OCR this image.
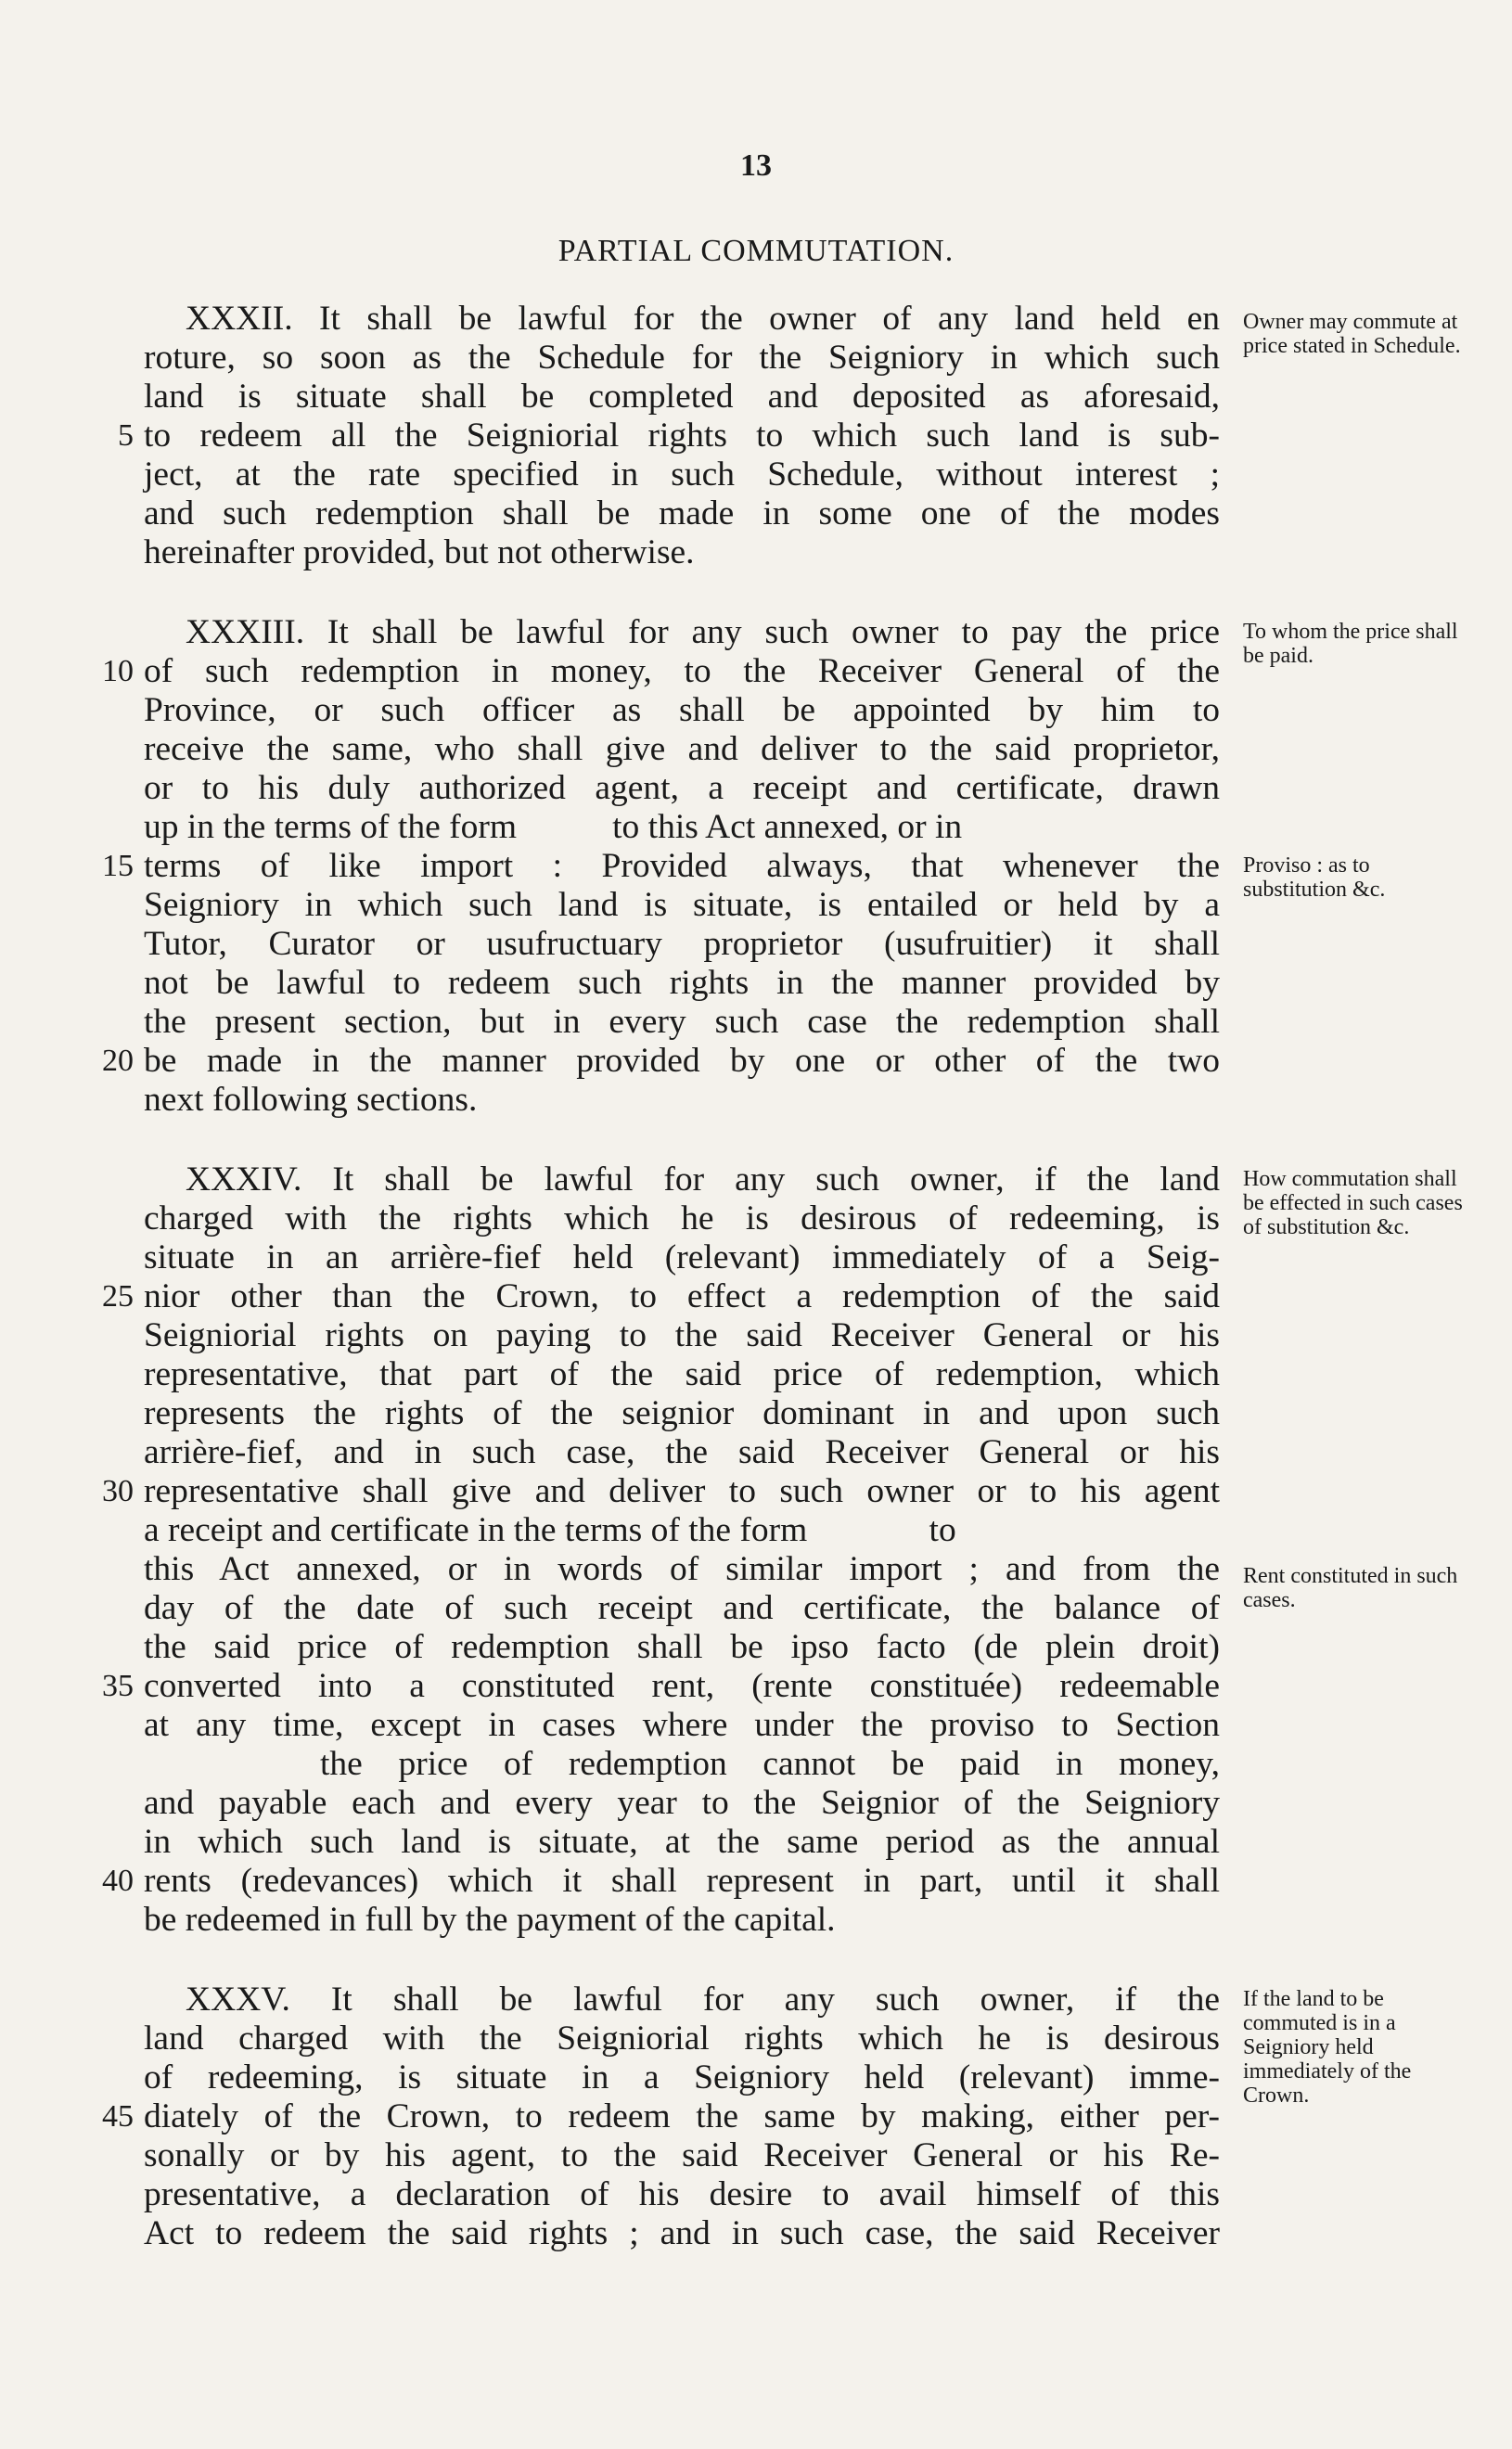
13
PARTIAL COMMUTATION.
XXXII. It shall be lawful for the owner of any land held en
roture, so soon as the Schedule for the Seigniory in which such
land is situate shall be completed and deposited as aforesaid,
5 to redeem all the Seigniorial rights to which such land is sub-
ject, at the rate specified in such Schedule, without interest ;
and such redemption shall be made in some one of the modes
hereinafter provided, but not otherwise.
Owner may commute at price stated in Schedule.
XXXIII. It shall be lawful for any such owner to pay the price
10 of such redemption in money, to the Receiver General of the
Province, or such officer as shall be appointed by him to
receive the same, who shall give and deliver to the said proprietor,
or to his duly authorized agent, a receipt and certificate, drawn
up in the terms of the form           to this Act annexed, or in
15 terms of like import : Provided always, that whenever the
Seigniory in which such land is situate, is entailed or held by a
Tutor, Curator or usufructuary proprietor (usufruitier) it shall
not be lawful to redeem such rights in the manner provided by
the present section, but in every such case the redemption shall
20 be made in the manner provided by one or other of the two
next following sections.
To whom the price shall be paid.
Proviso : as to substitution &c.
XXXIV. It shall be lawful for any such owner, if the land
charged with the rights which he is desirous of redeeming, is
situate in an arrière-fief held (relevant) immediately of a Seig-
25 nior other than the Crown, to effect a redemption of the said
Seigniorial rights on paying to the said Receiver General or his
representative, that part of the said price of redemption, which
represents the rights of the seignior dominant in and upon such
arrière-fief, and in such case, the said Receiver General or his
30 representative shall give and deliver to such owner or to his agent
a receipt and certificate in the terms of the form              to
this Act annexed, or in words of similar import ; and from the
day of the date of such receipt and certificate, the balance of
the said price of redemption shall be ipso facto (de plein droit)
35 converted into a constituted rent, (rente constituée) redeemable
at any time, except in cases where under the proviso to Section
the price of redemption cannot be paid in money,
and payable each and every year to the Seignior of the Seigniory
in which such land is situate, at the same period as the annual
40 rents (redevances) which it shall represent in part, until it shall
be redeemed in full by the payment of the capital.
How commutation shall be effected in such cases of substitution &c.
Rent constituted in such cases.
XXXV. It shall be lawful for any such owner, if the
land charged with the Seigniorial rights which he is desirous
of redeeming, is situate in a Seigniory held (relevant) imme-
45 diately of the Crown, to redeem the same by making, either per-
sonally or by his agent, to the said Receiver General or his Re-
presentative, a declaration of his desire to avail himself of this
Act to redeem the said rights ; and in such case, the said Receiver
If the land to be commuted is in a Seigniory held immediately of the Crown.
